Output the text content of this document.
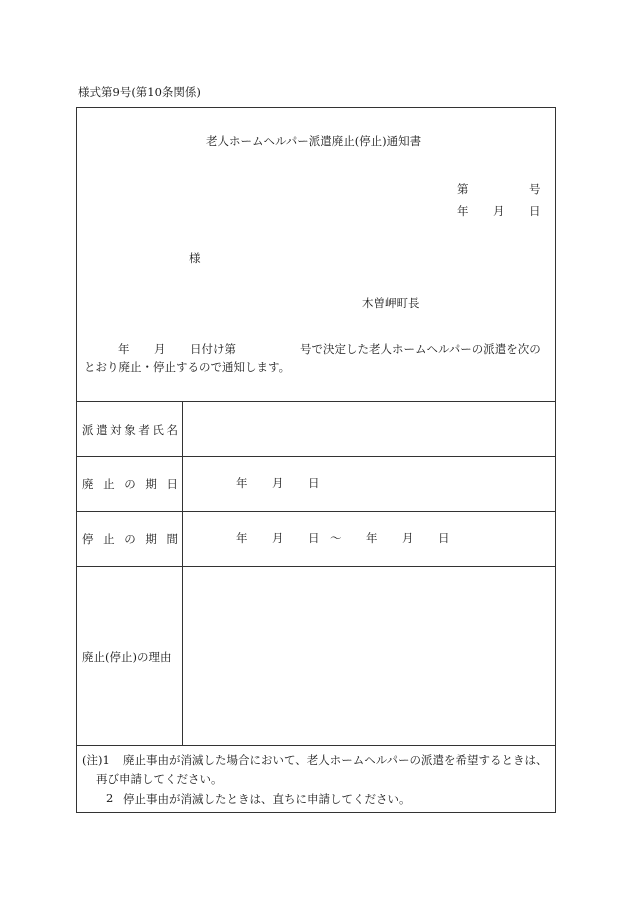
様式第9号(第10条関係)
老人ホームヘルパー派遣廃止(停止)通知書
第	号
年 月 日
様
木曽岬町長
年 月 日付け第	号で決定した老人ホームヘルパーの派遣を次の
とおり廃止・停止するので通知します。
派 遣 対 象 者 氏 名
廃 止 の 期 日	年 月 日
停 止 の 期 間	年 月 日 ～ 年 月 日
廃止(停止)の理由
(注)1 廃止事由が消滅した場合において、老人ホームヘルパーの派遣を希望するときは、
再び申請してください。
2 停止事由が消滅したときは、直ちに申請してください。
